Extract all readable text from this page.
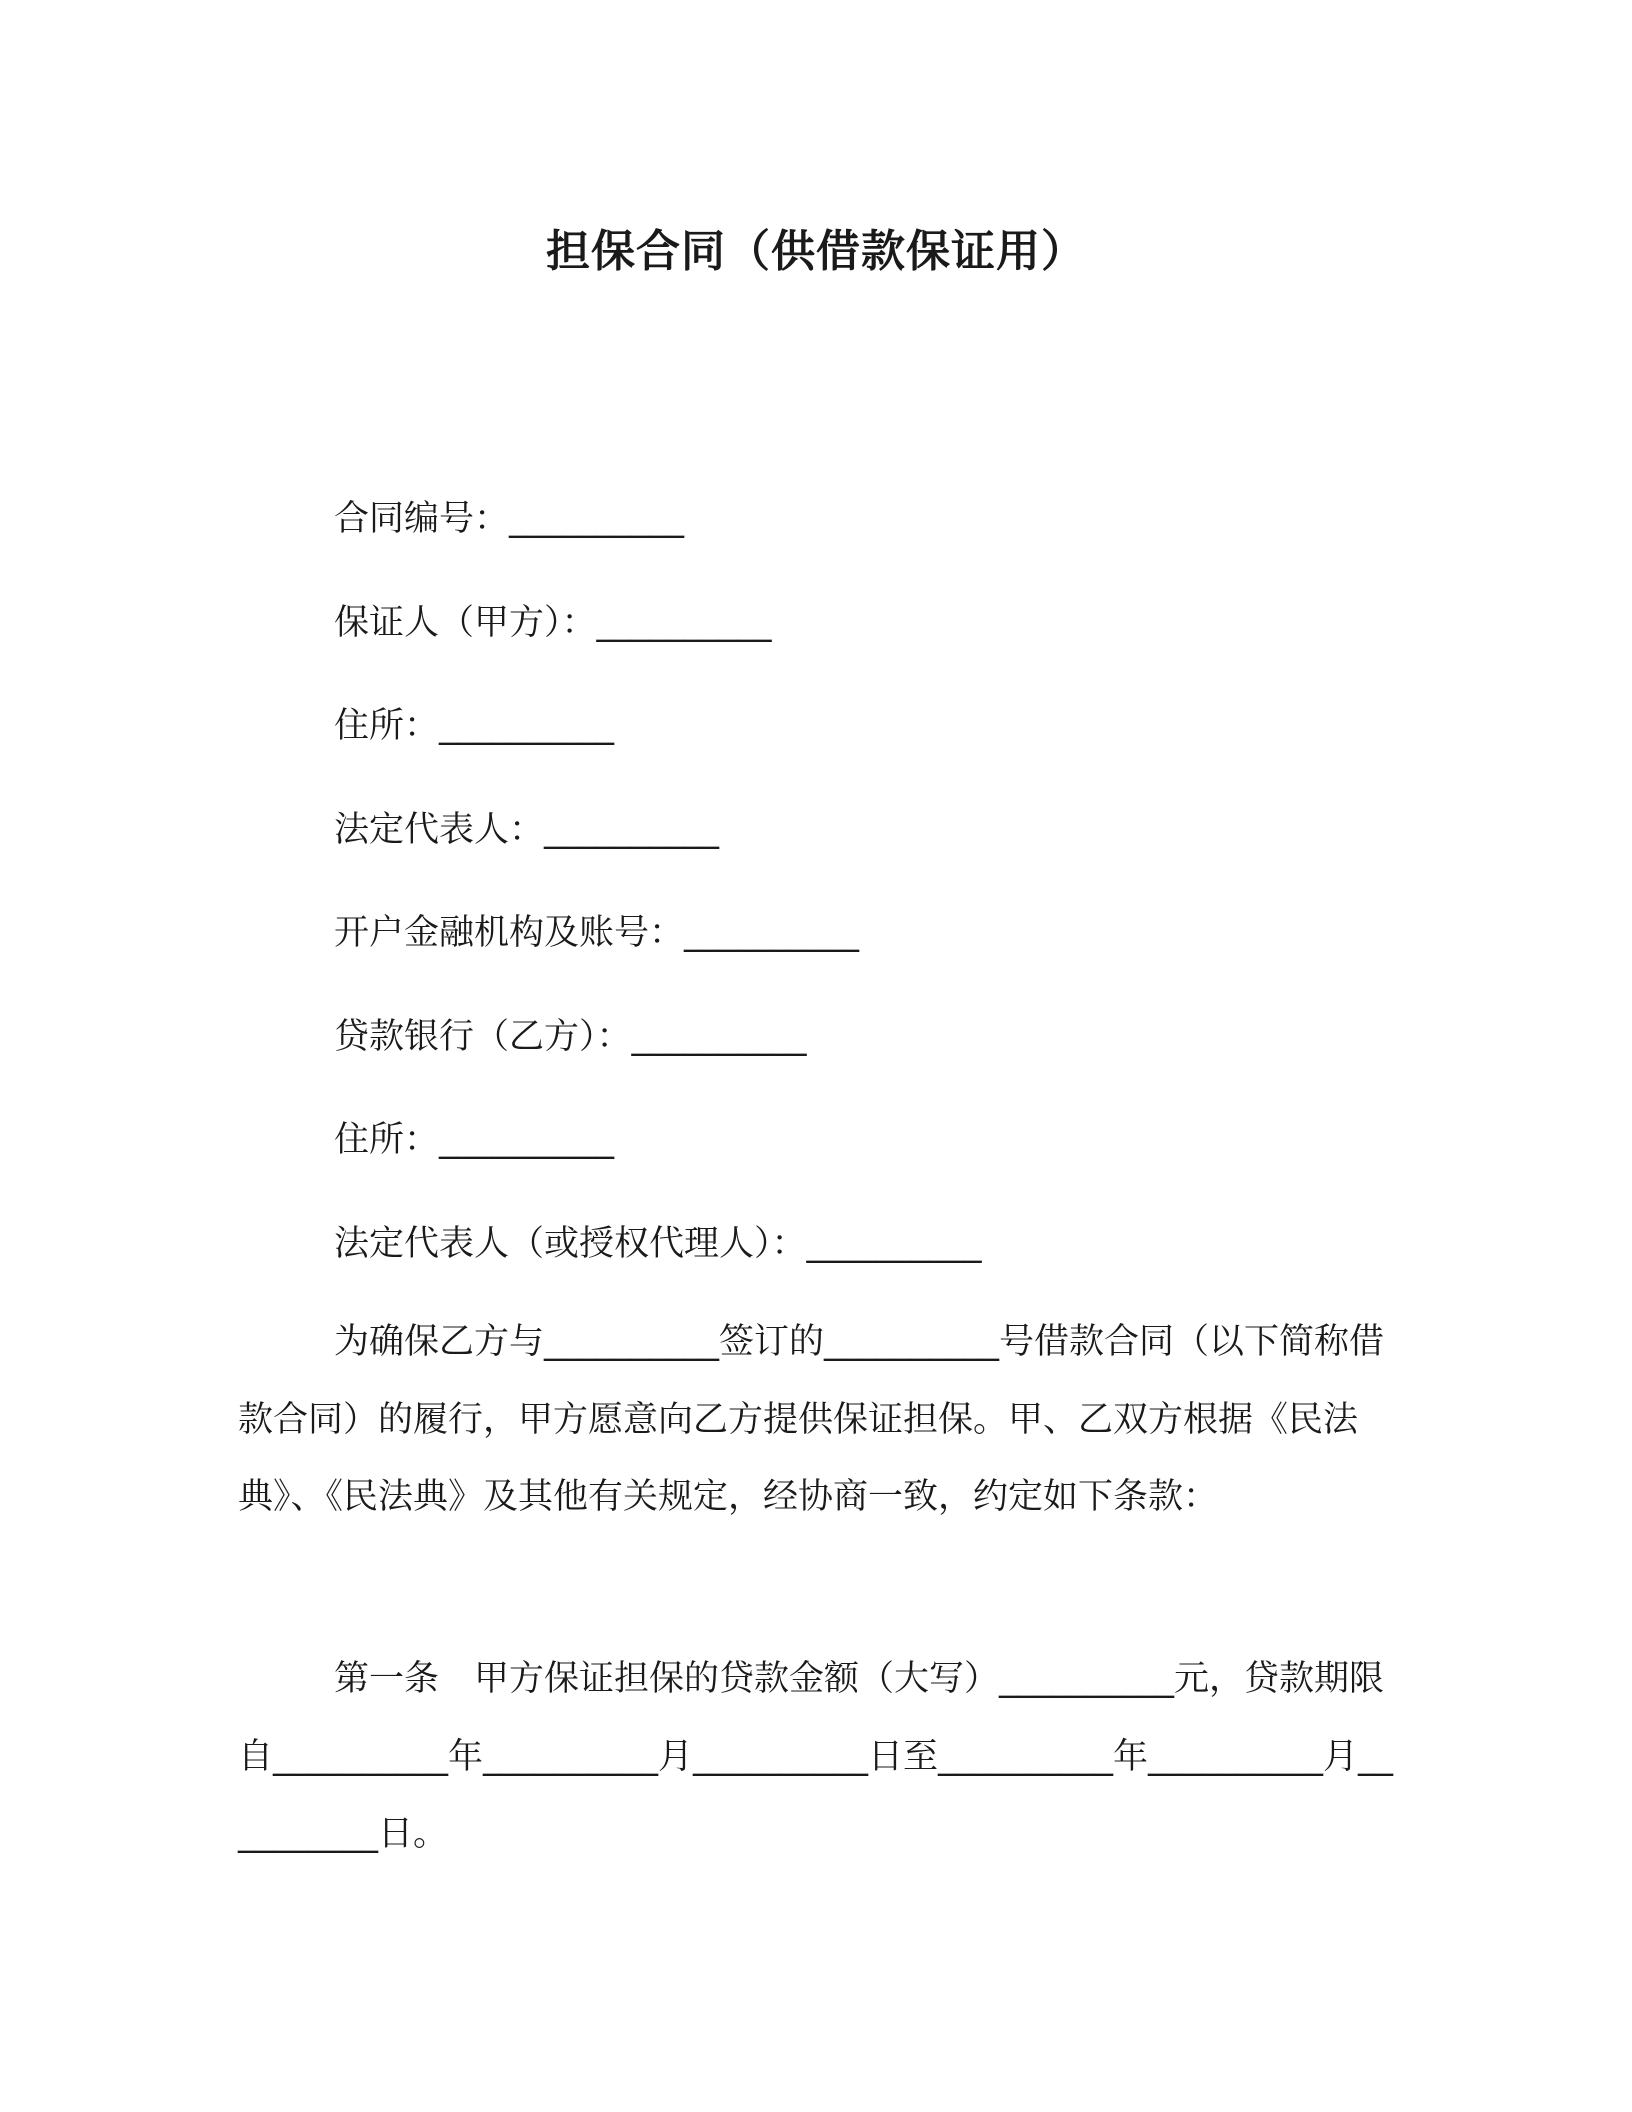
担保合同（供借款保证用）
合同编号：__________
保证人（甲方）：__________
住所：__________
法定代表人：__________
开户金融机构及账号：__________
贷款银行（乙方）：__________
住所：__________
法定代表人（或授权代理人）：__________
为确保乙方与__________签订的__________号借款合同（以下简称借款合同）的履行，甲方愿意向乙方提供保证担保。甲、乙双方根据《民法典》、《民法典》及其他有关规定，经协商一致，约定如下条款：
第一条　甲方保证担保的贷款金额（大写）__________元，贷款期限自__________年__________月__________日至__________年__________月__________日。
